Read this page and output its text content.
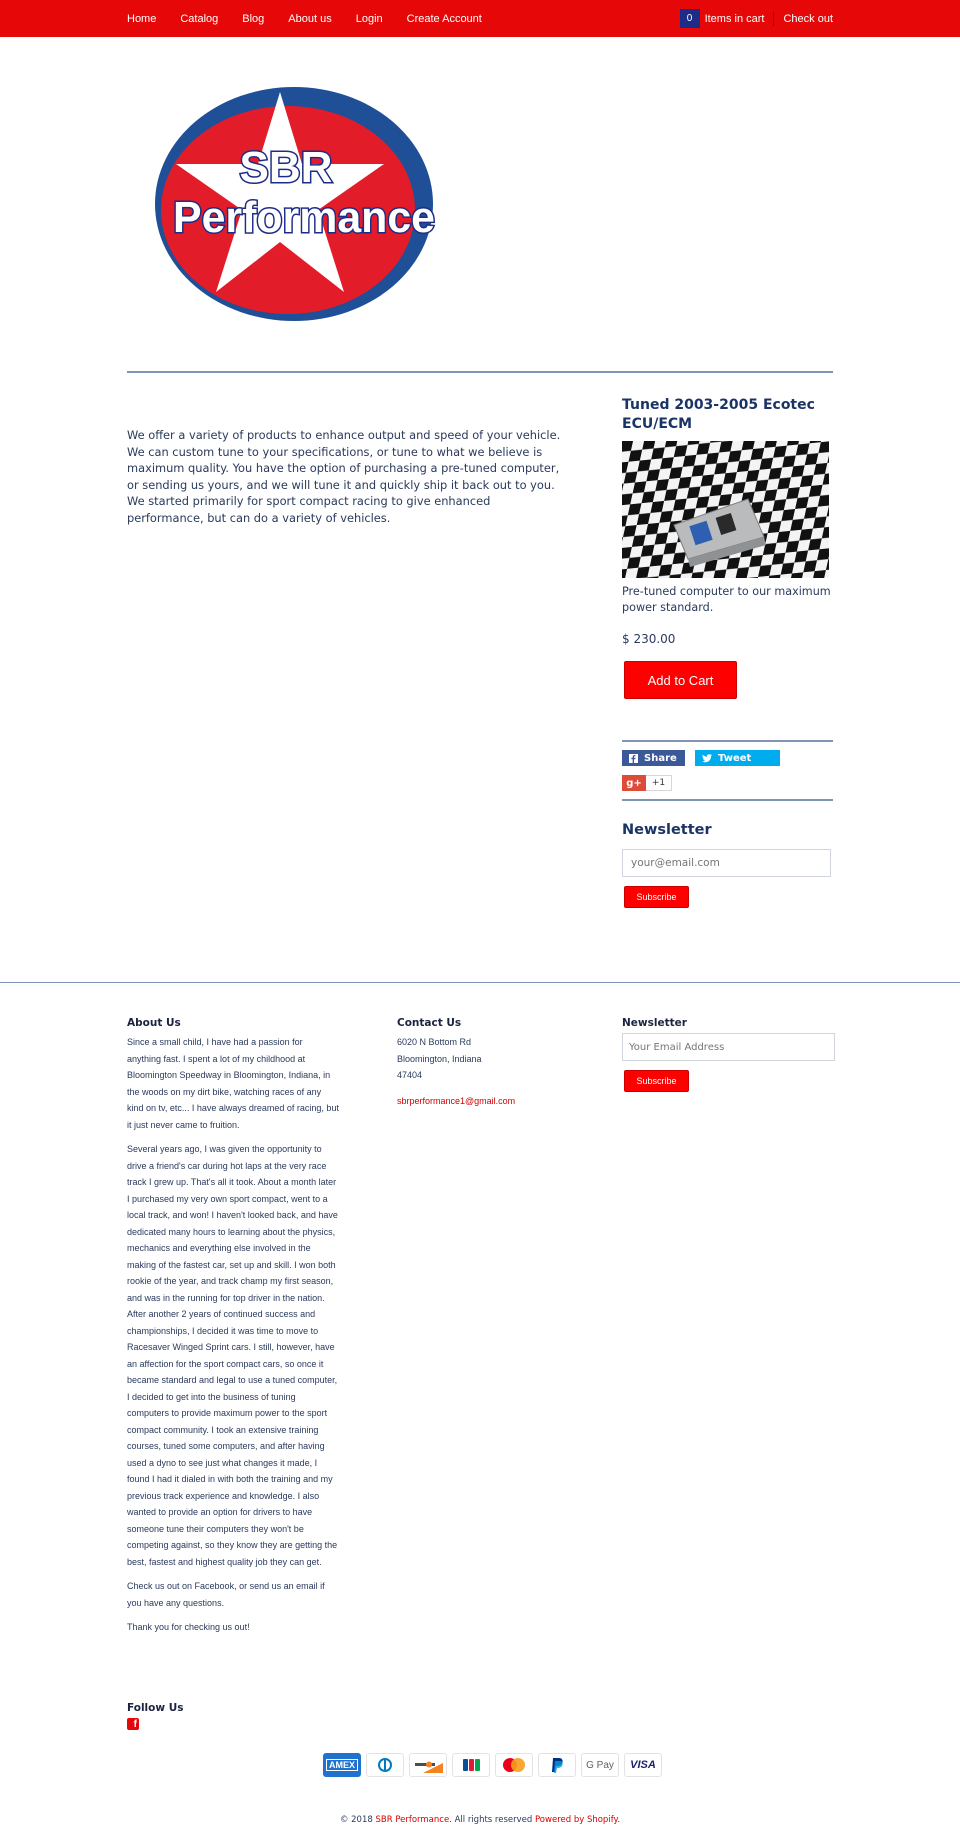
Home Catalog Blog About us Login Create Account	0	Items in cart Check out
SBR
Performance

We offer a variety of products to enhance output and speed of your vehicle. We can custom tune to your specifications, or tune to what we believe is maximum quality. You have the option of purchasing a pre-tuned computer, or sending us yours, and we will tune it and quickly ship it back out to you. We started primarily for sport compact racing to give enhanced performance, but can do a variety of vehicles.

Tuned 2003-2005 Ecotec ECU/ECM

Pre-tuned computer to our maximum power standard.

$ 230.00

Add to Cart
Share	Tweet
g+	+1
Newsletter
your@email.com
Subscribe
About Us

Since a small child, I have had a passion for anything fast. I spent a lot of my childhood at Bloomington Speedway in Bloomington, Indiana, in the woods on my dirt bike, watching races of any kind on tv, etc... I have always dreamed of racing, but it just never came to fruition.

Several years ago, I was given the opportunity to drive a friend's car during hot laps at the very race track I grew up. That's all it took. About a month later I purchased my very own sport compact, went to a local track, and won! I haven't looked back, and have dedicated many hours to learning about the physics, mechanics and everything else involved in the making of the fastest car, set up and skill. I won both rookie of the year, and track champ my first season, and was in the running for top driver in the nation. After another 2 years of continued success and championships, I decided it was time to move to Racesaver Winged Sprint cars. I still, however, have an affection for the sport compact cars, so once it became standard and legal to use a tuned computer, I decided to get into the business of tuning computers to provide maximum power to the sport compact community. I took an extensive training courses, tuned some computers, and after having used a dyno to see just what changes it made, I found I had it dialed in with both the training and my previous track experience and knowledge. I also wanted to provide an option for drivers to have someone tune their computers they won't be competing against, so they know they are getting the best, fastest and highest quality job they can get.

Check us out on Facebook, or send us an email if you have any questions.

Thank you for checking us out!

Contact Us
6020 N Bottom Rd
Bloomington, Indiana
47404
sbrperformance1@gmail.com
Newsletter
Your Email Address
Subscribe
Follow Us
f
AMEX	G Pay VISA

© 2018 SBR Performance. All rights reserved Powered by Shopify.
